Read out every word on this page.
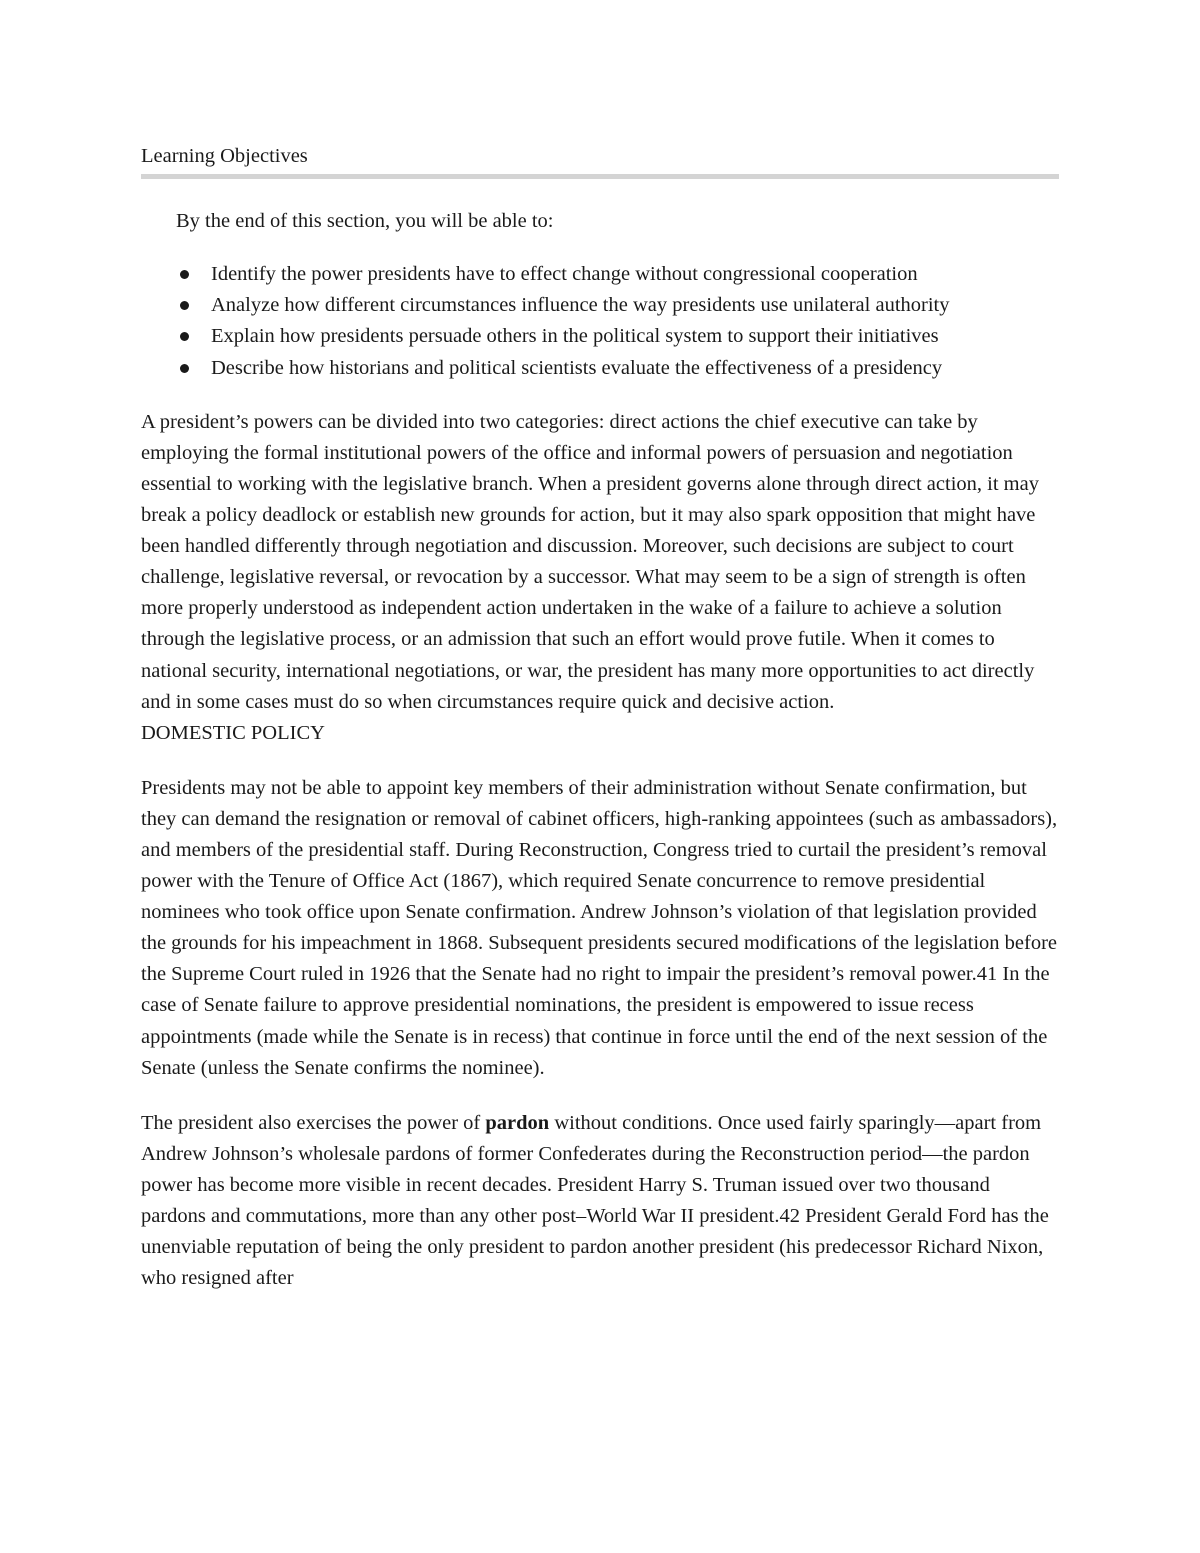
Learning Objectives

By the end of this section, you will be able to:

Identify the power presidents have to effect change without congressional cooperation
Analyze how different circumstances influence the way presidents use unilateral authority
Explain how presidents persuade others in the political system to support their initiatives
Describe how historians and political scientists evaluate the effectiveness of a presidency

A president’s powers can be divided into two categories: direct actions the chief executive can take by employing the formal institutional powers of the office and informal powers of persuasion and negotiation essential to working with the legislative branch. When a president governs alone through direct action, it may break a policy deadlock or establish new grounds for action, but it may also spark opposition that might have been handled differently through negotiation and discussion. Moreover, such decisions are subject to court challenge, legislative reversal, or revocation by a successor. What may seem to be a sign of strength is often more properly understood as independent action undertaken in the wake of a failure to achieve a solution through the legislative process, or an admission that such an effort would prove futile. When it comes to national security, international negotiations, or war, the president has many more opportunities to act directly and in some cases must do so when circumstances require quick and decisive action.

DOMESTIC POLICY

Presidents may not be able to appoint key members of their administration without Senate confirmation, but they can demand the resignation or removal of cabinet officers, high-ranking appointees (such as ambassadors), and members of the presidential staff. During Reconstruction, Congress tried to curtail the president’s removal power with the Tenure of Office Act (1867), which required Senate concurrence to remove presidential nominees who took office upon Senate confirmation. Andrew Johnson’s violation of that legislation provided the grounds for his impeachment in 1868. Subsequent presidents secured modifications of the legislation before the Supreme Court ruled in 1926 that the Senate had no right to impair the president’s removal power.41 In the case of Senate failure to approve presidential nominations, the president is empowered to issue recess appointments (made while the Senate is in recess) that continue in force until the end of the next session of the Senate (unless the Senate confirms the nominee).

The president also exercises the power of pardon without conditions. Once used fairly sparingly—apart from Andrew Johnson’s wholesale pardons of former Confederates during the Reconstruction period—the pardon power has become more visible in recent decades. President Harry S. Truman issued over two thousand pardons and commutations, more than any other post–World War II president.42 President Gerald Ford has the unenviable reputation of being the only president to pardon another president (his predecessor Richard Nixon, who resigned after
